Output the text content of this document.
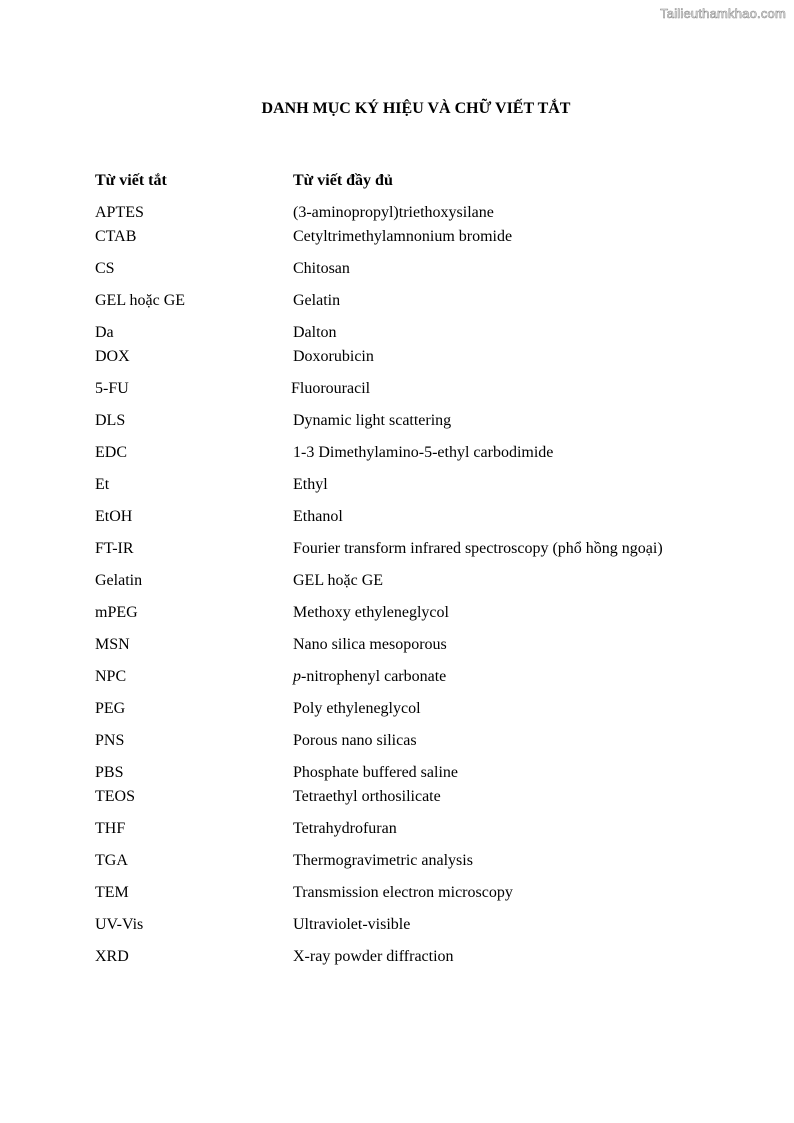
Tailieuthamkhao.com
DANH MỤC KÝ HIỆU VÀ CHỮ VIẾT TẮT
Từ viết tắt	Từ viết đầy đủ
APTES	(3-aminopropyl)triethoxysilane
CTAB	Cetyltrimethylamnonium bromide
CS	Chitosan
GEL hoặc GE	Gelatin
Da	Dalton
DOX	Doxorubicin
5-FU	Fluorouracil
DLS	Dynamic light scattering
EDC	1-3 Dimethylamino-5-ethyl carbodimide
Et	Ethyl
EtOH	Ethanol
FT-IR	Fourier transform infrared spectroscopy (phổ hồng ngoại)
Gelatin	GEL hoặc GE
mPEG	Methoxy ethyleneglycol
MSN	Nano silica mesoporous
NPC	p-nitrophenyl carbonate
PEG	Poly ethyleneglycol
PNS	Porous nano silicas
PBS	Phosphate buffered saline
TEOS	Tetraethyl orthosilicate
THF	Tetrahydrofuran
TGA	Thermogravimetric analysis
TEM	Transmission electron microscopy
UV-Vis	Ultraviolet-visible
XRD	X-ray powder diffraction
